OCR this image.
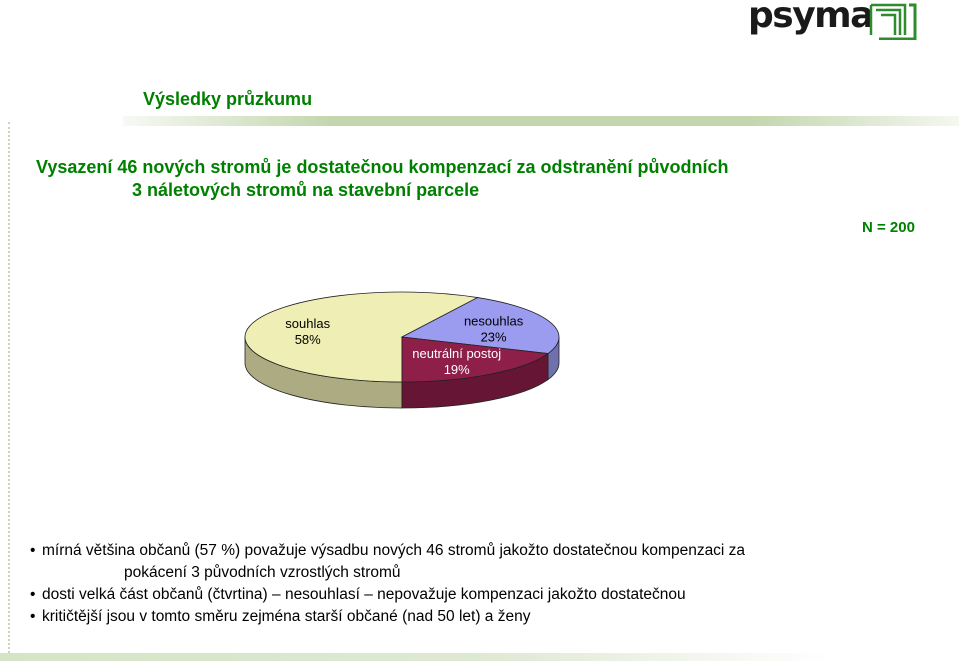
psyma
Výsledky průzkumu
Vysazení 46 nových stromů je dostatečnou kompenzací za odstranění původních
3 náletových stromů na stavební parcele
N = 200
souhlas
58%
nesouhlas
23%
neutrální postoj
19%
• mírná většina občanů (57 %) považuje výsadbu nových 46 stromů jakožto dostatečnou kompenzaci za
pokácení 3 původních vzrostlých stromů
• dosti velká část občanů (čtvrtina) – nesouhlasí – nepovažuje kompenzaci jakožto dostatečnou
• kritičtější jsou v tomto směru zejména starší občané (nad 50 let) a ženy
